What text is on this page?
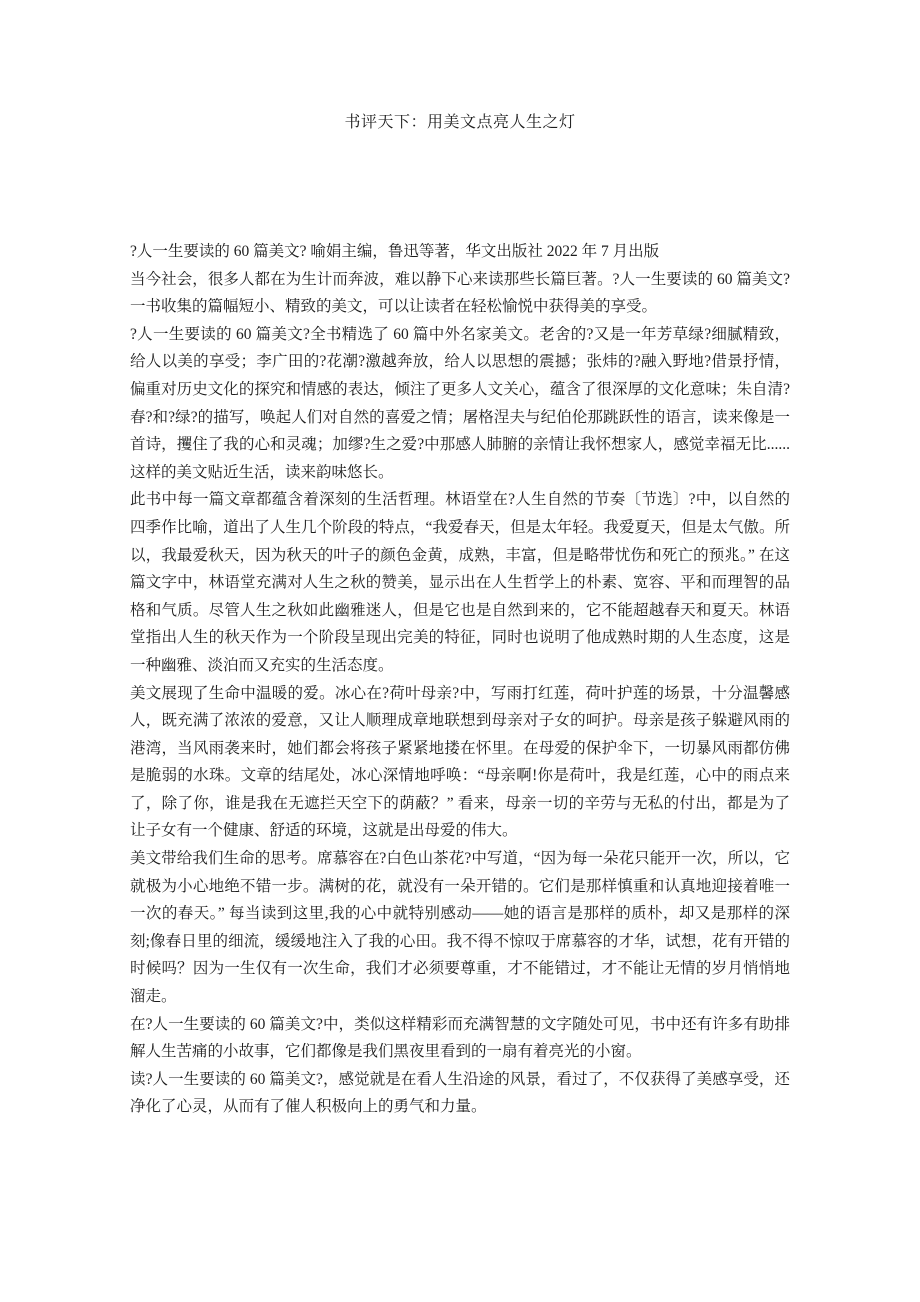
书评天下：用美文点亮人生之灯

?人一生要读的 60 篇美文? 喻娟主编，鲁迅等著，华文出版社 2022 年 7 月出版

当今社会，很多人都在为生计而奔波，难以静下心来读那些长篇巨著。?人一生要读的 60 篇美文?一书收集的篇幅短小、精致的美文，可以让读者在轻松愉悦中获得美的享受。

?人一生要读的 60 篇美文?全书精选了 60 篇中外名家美文。老舍的?又是一年芳草绿?细腻精致，给人以美的享受；李广田的?花潮?激越奔放，给人以思想的震撼；张炜的?融入野地?借景抒情，偏重对历史文化的探究和情感的表达，倾注了更多人文关心，蕴含了很深厚的文化意味；朱自清?春?和?绿?的描写，唤起人们对自然的喜爱之情；屠格涅夫与纪伯伦那跳跃性的语言，读来像是一首诗，攫住了我的心和灵魂；加缪?生之爱?中那感人肺腑的亲情让我怀想家人，感觉幸福无比......这样的美文贴近生活，读来韵味悠长。

此书中每一篇文章都蕴含着深刻的生活哲理。林语堂在?人生自然的节奏〔节选〕?中，以自然的四季作比喻，道出了人生几个阶段的特点，“我爱春天，但是太年轻。我爱夏天，但是太气傲。所以，我最爱秋天，因为秋天的叶子的颜色金黄，成熟，丰富，但是略带忧伤和死亡的预兆。” 在这篇文字中，林语堂充满对人生之秋的赞美，显示出在人生哲学上的朴素、宽容、平和而理智的品格和气质。尽管人生之秋如此幽雅迷人，但是它也是自然到来的，它不能超越春天和夏天。林语堂指出人生的秋天作为一个阶段呈现出完美的特征，同时也说明了他成熟时期的人生态度，这是一种幽雅、淡泊而又充实的生活态度。

美文展现了生命中温暖的爱。冰心在?荷叶母亲?中，写雨打红莲，荷叶护莲的场景，十分温馨感人，既充满了浓浓的爱意，又让人顺理成章地联想到母亲对子女的呵护。母亲是孩子躲避风雨的港湾，当风雨袭来时，她们都会将孩子紧紧地搂在怀里。在母爱的保护伞下，一切暴风雨都仿佛是脆弱的水珠。文章的结尾处，冰心深情地呼唤：“母亲啊!你是荷叶，我是红莲，心中的雨点来了，除了你，谁是我在无遮拦天空下的荫蔽？” 看来，母亲一切的辛劳与无私的付出，都是为了让子女有一个健康、舒适的环境，这就是出母爱的伟大。

美文带给我们生命的思考。席慕容在?白色山茶花?中写道，“因为每一朵花只能开一次，所以，它就极为小心地绝不错一步。满树的花，就没有一朵开错的。它们是那样慎重和认真地迎接着唯一一次的春天。” 每当读到这里,我的心中就特别感动——她的语言是那样的质朴，却又是那样的深刻;像春日里的细流，缓缓地注入了我的心田。我不得不惊叹于席慕容的才华，试想，花有开错的时候吗？因为一生仅有一次生命，我们才必须要尊重，才不能错过，才不能让无情的岁月悄悄地溜走。

在?人一生要读的 60 篇美文?中，类似这样精彩而充满智慧的文字随处可见，书中还有许多有助排解人生苦痛的小故事，它们都像是我们黑夜里看到的一扇有着亮光的小窗。

读?人一生要读的 60 篇美文?，感觉就是在看人生沿途的风景，看过了，不仅获得了美感享受，还净化了心灵，从而有了催人积极向上的勇气和力量。
